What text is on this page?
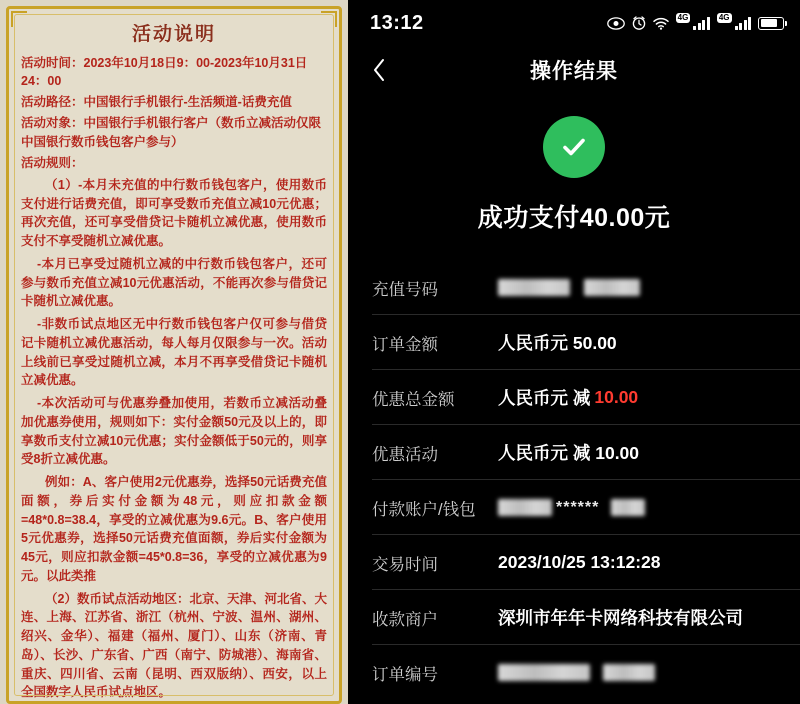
活动说明
活动时间：2023年10月18日9：00-2023年10月31日24：00
活动路径：中国银行手机银行-生活频道-话费充值
活动对象：中国银行手机银行客户（数币立减活动仅限中国银行数币钱包客户参与）
活动规则：

（1）-本月未充值的中行数币钱包客户，使用数币支付进行话费充值，即可享受数币充值立减10元优惠；再次充值，还可享受借贷记卡随机立减优惠，使用数币支付不享受随机立减优惠。

-本月已享受过随机立减的中行数币钱包客户，还可参与数币充值立减10元优惠活动，不能再次参与借贷记卡随机立减优惠。

-非数币试点地区无中行数币钱包客户仅可参与借贷记卡随机立减优惠活动，每人每月仅限参与一次。活动上线前已享受过随机立减，本月不再享受借贷记卡随机立减优惠。

-本次活动可与优惠券叠加使用，若数币立减活动叠加优惠券使用，规则如下：实付金额50元及以上的，即享数币支付立减10元优惠；实付金额低于50元的，则享受8折立减优惠。

例如：A、客户使用2元优惠券，选择50元话费充值面额，券后实付金额为48元，则应扣款金额=48*0.8=38.4，享受的立减优惠为9.6元。B、客户使用5元优惠券，选择50元话费充值面额，券后实付金额为45元，则应扣款金额=45*0.8=36，享受的立减优惠为9元。以此类推

（2）数币试点活动地区：北京、天津、河北省、大连、上海、江苏省、浙江（杭州、宁波、温州、湖州、绍兴、金华）、福建（福州、厦门）、山东（济南、青岛）、长沙、广东省、广西（南宁、防城港）、海南省、重庆、四川省、云南（昆明、西双版纳）、西安，以上全国数字人民币试点地区。

13:12	4G	4G
操作结果
成功支付40.00元
充值号码
订单金额	人民币元 50.00
优惠总金额	人民币元 减 10.00
优惠活动	人民币元 减 10.00
付款账户/钱包	******
交易时间	2023/10/25 13:12:28
收款商户	深圳市年年卡网络科技有限公司
订单编号
